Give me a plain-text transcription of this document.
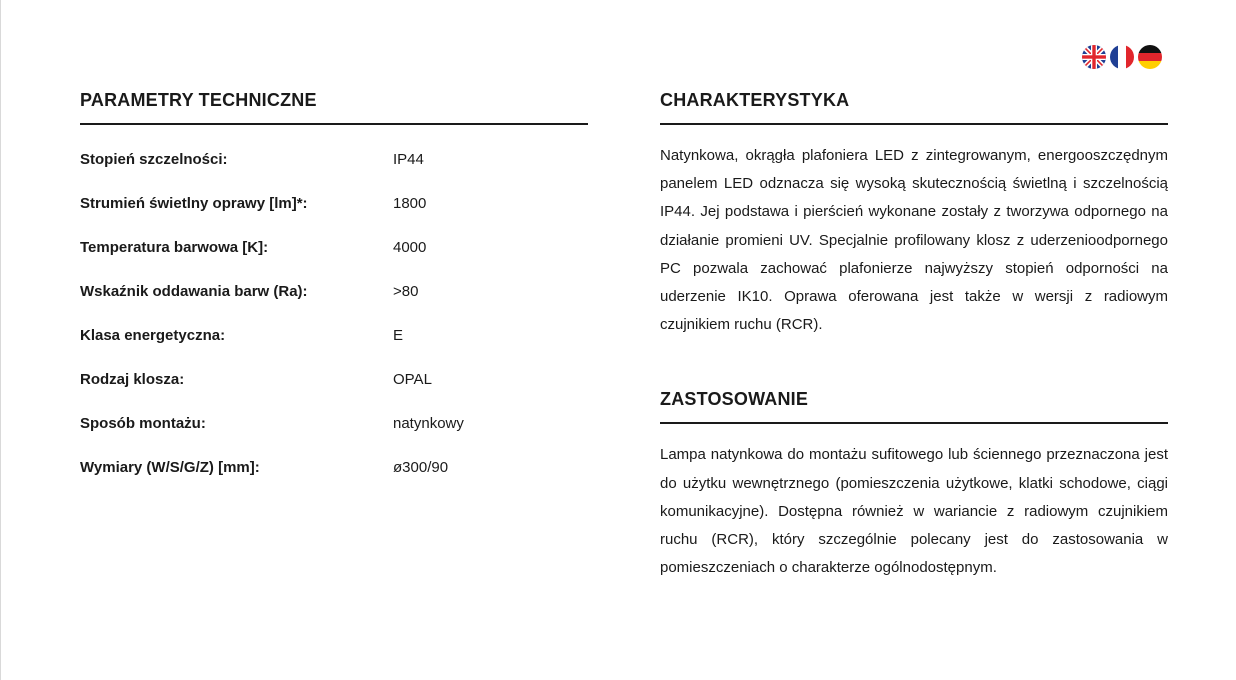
PARAMETRY TECHNICZNE
Stopień szczelności:	IP44
Strumień świetlny oprawy [lm]*:	1800
Temperatura barwowa [K]:	4000
Wskaźnik oddawania barw (Ra):	>80
Klasa energetyczna:	E
Rodzaj klosza:	OPAL
Sposób montażu:	natynkowy
Wymiary (W/S/G/Z) [mm]:	ø300/90
CHARAKTERYSTYKA

Natynkowa, okrągła plafoniera LED z zintegrowanym, energooszczędnym panelem LED odznacza się wysoką skutecznością świetlną i szczelnością IP44. Jej podstawa i pierścień wykonane zostały z tworzywa odpornego na działanie promieni UV. Specjalnie profilowany klosz z uderzenioodpornego PC pozwala zachować plafonierze najwyższy stopień odporności na uderzenie IK10. Oprawa oferowana jest także w wersji z radiowym czujnikiem ruchu (RCR).

ZASTOSOWANIE

Lampa natynkowa do montażu sufitowego lub ściennego przeznaczona jest do użytku wewnętrznego (pomieszczenia użytkowe, klatki schodowe, ciągi komunikacyjne). Dostępna również w wariancie z radiowym czujnikiem ruchu (RCR), który szczególnie polecany jest do zastosowania w pomieszczeniach o charakterze ogólnodostępnym.
